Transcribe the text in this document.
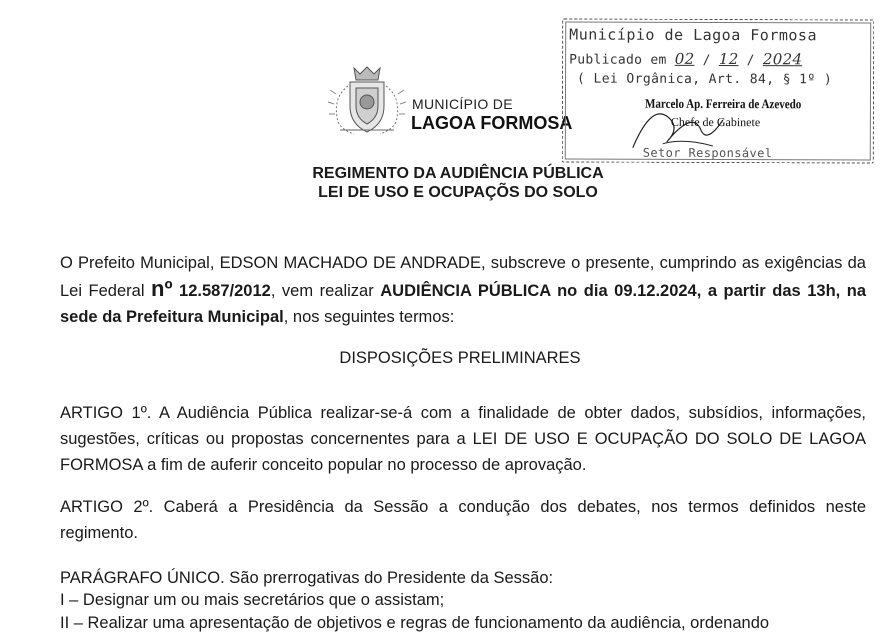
MUNICÍPIO DE
LAGOA FORMOSA
Município de Lagoa Formosa
Publicado em 02 / 12 / 2024
( Lei Orgânica, Art. 84, § 1º )
Marcelo Ap. Ferreira de Azevedo
Chefe de Gabinete
Setor Responsável
REGIMENTO DA AUDIÊNCIA PÚBLICA
LEI DE USO E OCUPAÇÕS DO SOLO
O Prefeito Municipal, EDSON MACHADO DE ANDRADE, subscreve o presente, cumprindo as exigências da Lei Federal nº 12.587/2012, vem realizar AUDIÊNCIA PÚBLICA no dia 09.12.2024, a partir das 13h, na sede da Prefeitura Municipal, nos seguintes termos:
DISPOSIÇÕES PRELIMINARES
ARTIGO 1º. A Audiência Pública realizar-se-á com a finalidade de obter dados, subsídios, informações, sugestões, críticas ou propostas concernentes para a LEI DE USO E OCUPAÇÃO DO SOLO DE LAGOA FORMOSA a fim de auferir conceito popular no processo de aprovação.
ARTIGO 2º. Caberá a Presidência da Sessão a condução dos debates, nos termos definidos neste regimento.
PARÁGRAFO ÚNICO. São prerrogativas do Presidente da Sessão:
I – Designar um ou mais secretários que o assistam;
II – Realizar uma apresentação de objetivos e regras de funcionamento da audiência, ordenando
